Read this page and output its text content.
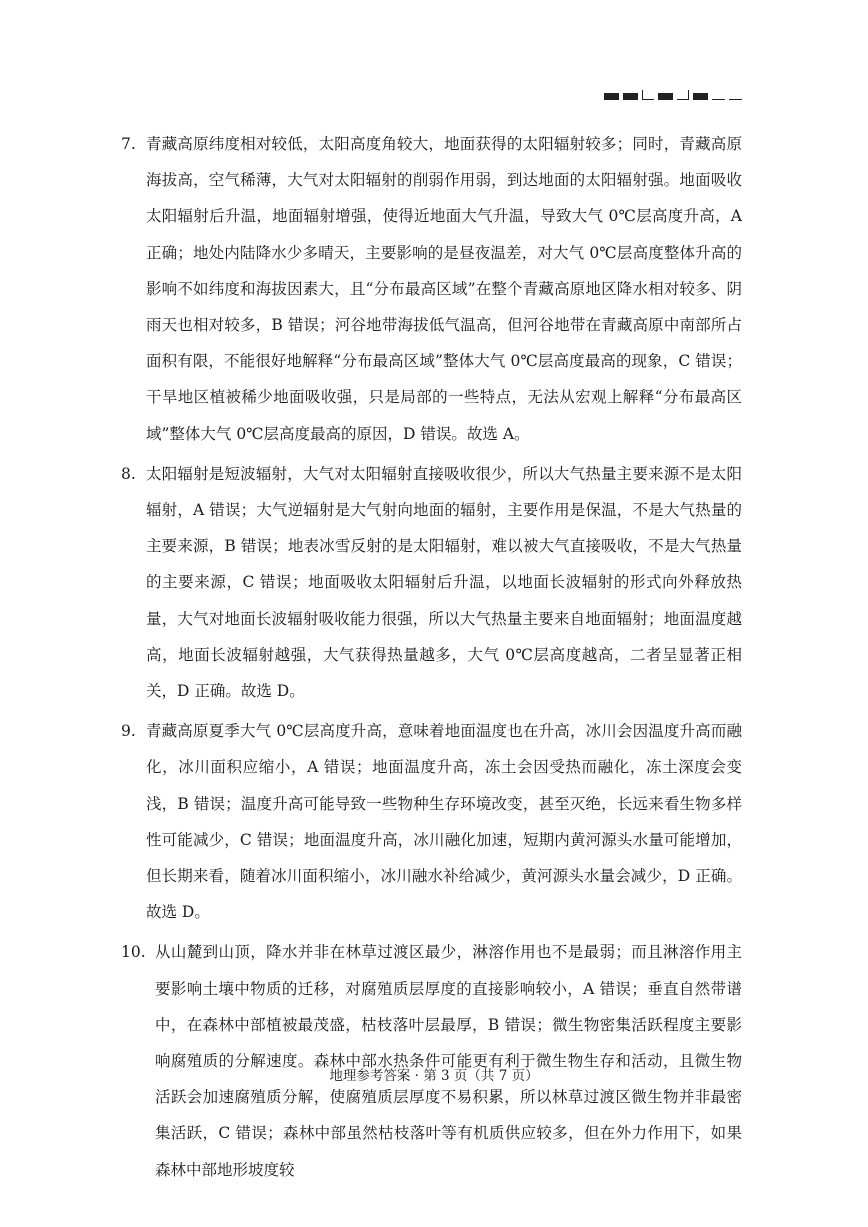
7. 青藏高原纬度相对较低，太阳高度角较大，地面获得的太阳辐射较多；同时，青藏高原海拔高，空气稀薄，大气对太阳辐射的削弱作用弱，到达地面的太阳辐射强。地面吸收太阳辐射后升温，地面辐射增强，使得近地面大气升温，导致大气 0℃层高度升高，A 正确；地处内陆降水少多晴天，主要影响的是昼夜温差，对大气 0℃层高度整体升高的影响不如纬度和海拔因素大，且“分布最高区域”在整个青藏高原地区降水相对较多、阴雨天也相对较多，B 错误；河谷地带海拔低气温高，但河谷地带在青藏高原中南部所占面积有限，不能很好地解释“分布最高区域”整体大气 0℃层高度最高的现象，C 错误；干旱地区植被稀少地面吸收强，只是局部的一些特点，无法从宏观上解释“分布最高区域”整体大气 0℃层高度最高的原因，D 错误。故选 A。
8. 太阳辐射是短波辐射，大气对太阳辐射直接吸收很少，所以大气热量主要来源不是太阳辐射，A 错误；大气逆辐射是大气射向地面的辐射，主要作用是保温，不是大气热量的主要来源，B 错误；地表冰雪反射的是太阳辐射，难以被大气直接吸收，不是大气热量的主要来源，C 错误；地面吸收太阳辐射后升温，以地面长波辐射的形式向外释放热量，大气对地面长波辐射吸收能力很强，所以大气热量主要来自地面辐射；地面温度越高，地面长波辐射越强，大气获得热量越多，大气 0℃层高度越高，二者呈显著正相关，D 正确。故选 D。
9. 青藏高原夏季大气 0℃层高度升高，意味着地面温度也在升高，冰川会因温度升高而融化，冰川面积应缩小，A 错误；地面温度升高，冻土会因受热而融化，冻土深度会变浅，B 错误；温度升高可能导致一些物种生存环境改变，甚至灭绝，长远来看生物多样性可能减少，C 错误；地面温度升高，冰川融化加速，短期内黄河源头水量可能增加，但长期来看，随着冰川面积缩小，冰川融水补给减少，黄河源头水量会减少，D 正确。故选 D。
10. 从山麓到山顶，降水并非在林草过渡区最少，淋溶作用也不是最弱；而且淋溶作用主要影响土壤中物质的迁移，对腐殖质层厚度的直接影响较小，A 错误；垂直自然带谱中，在森林中部植被最茂盛，枯枝落叶层最厚，B 错误；微生物密集活跃程度主要影响腐殖质的分解速度。森林中部水热条件可能更有利于微生物生存和活动，且微生物活跃会加速腐殖质分解，使腐殖质层厚度不易积累，所以林草过渡区微生物并非最密集活跃，C 错误；森林中部虽然枯枝落叶等有机质供应较多，但在外力作用下，如果森林中部地形坡度较
地理参考答案 · 第 3 页（共 7 页）
